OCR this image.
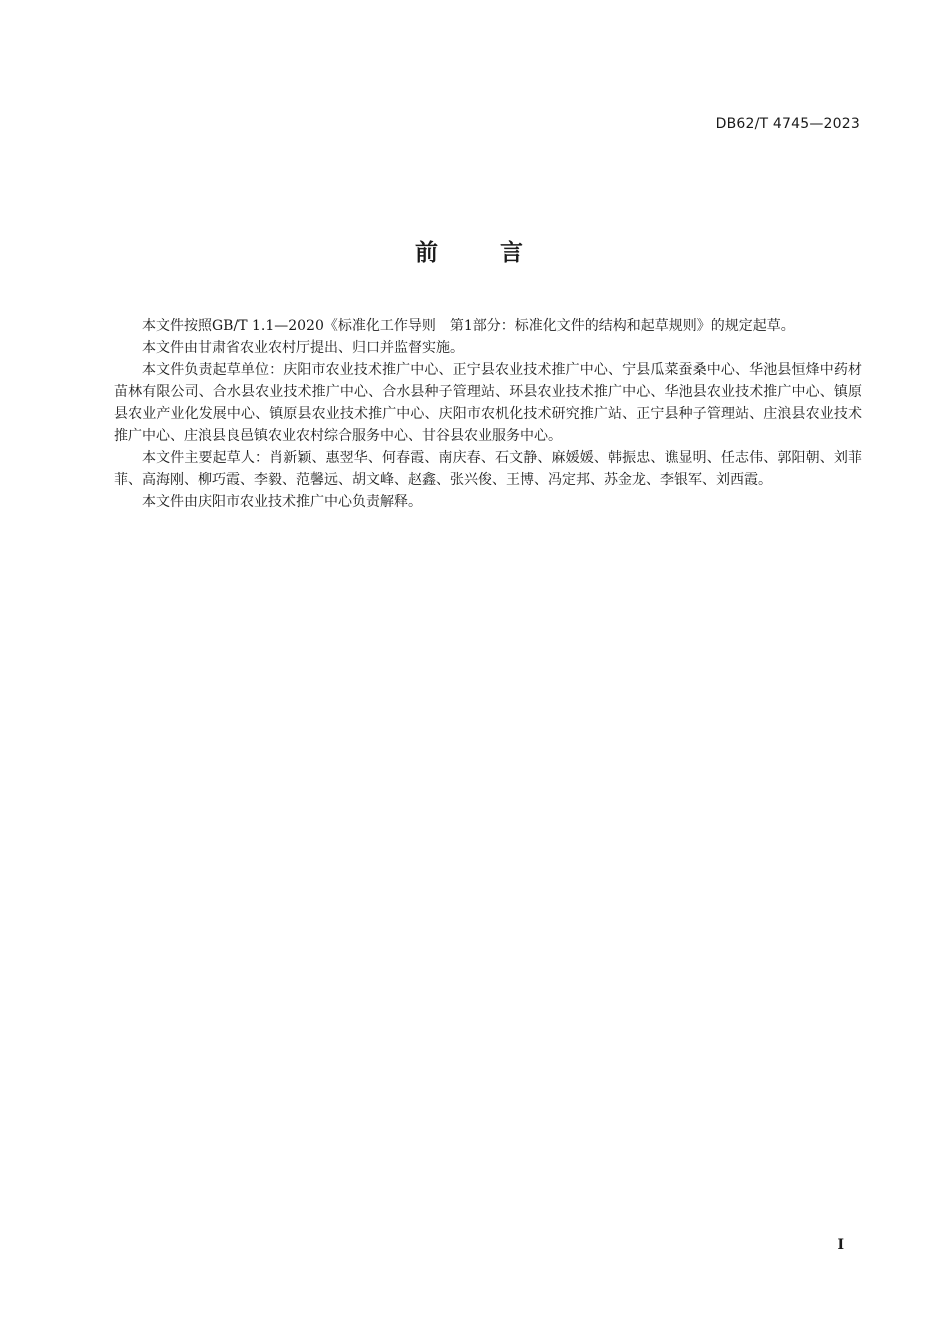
DB62/T 4745—2023
前言

本文件按照GB/T 1.1—2020《标准化工作导则　第1部分：标准化文件的结构和起草规则》的规定起草。

本文件由甘肃省农业农村厅提出、归口并监督实施。

本文件负责起草单位：庆阳市农业技术推广中心、正宁县农业技术推广中心、宁县瓜菜蚕桑中心、华池县恒烽中药材苗林有限公司、合水县农业技术推广中心、合水县种子管理站、环县农业技术推广中心、华池县农业技术推广中心、镇原县农业产业化发展中心、镇原县农业技术推广中心、庆阳市农机化技术研究推广站、正宁县种子管理站、庄浪县农业技术推广中心、庄浪县良邑镇农业农村综合服务中心、甘谷县农业服务中心。

本文件主要起草人：肖新颖、惠翌华、何春霞、南庆春、石文静、麻媛媛、韩振忠、谯显明、任志伟、郭阳朝、刘菲菲、高海刚、柳巧霞、李毅、范馨远、胡文峰、赵鑫、张兴俊、王博、冯定邦、苏金龙、李银军、刘西霞。

本文件由庆阳市农业技术推广中心负责解释。

I
